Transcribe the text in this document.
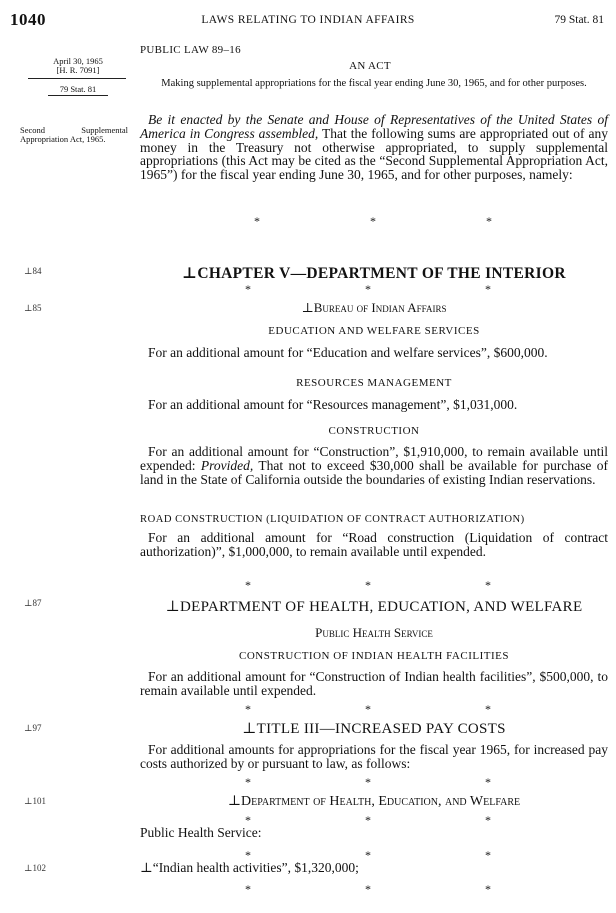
1040	LAWS RELATING TO INDIAN AFFAIRS	79 Stat. 81
April 30, 1965
[H. R. 7091]
79 Stat. 81
Second Supplemental Appropriation Act, 1965.
PUBLIC LAW 89–16
AN ACT
Making supplemental appropriations for the fiscal year ending June 30, 1965, and for other purposes.
Be it enacted by the Senate and House of Representatives of the United States of America in Congress assembled, That the following sums are appropriated out of any money in the Treasury not otherwise appropriated, to supply supplemental appropriations (this Act may be cited as the “Second Supplemental Appropriation Act, 1965”) for the fiscal year ending June 30, 1965, and for other purposes, namely:
*	*	*
⊥84
⊥85
⊥87
⊥97
⊥101
⊥102
⊥CHAPTER V—DEPARTMENT OF THE INTERIOR
*	*	*
⊥Bureau of Indian Affairs
EDUCATION AND WELFARE SERVICES
For an additional amount for “Education and welfare services”, $600,000.
RESOURCES MANAGEMENT
For an additional amount for “Resources management”, $1,031,000.
CONSTRUCTION
For an additional amount for “Construction”, $1,910,000, to remain available until expended: Provided, That not to exceed $30,000 shall be available for purchase of land in the State of California outside the boundaries of existing Indian reservations.
ROAD CONSTRUCTION (LIQUIDATION OF CONTRACT AUTHORIZATION)
For an additional amount for “Road construction (Liquidation of contract authorization)”, $1,000,000, to remain available until expended.
*	*	*
⊥DEPARTMENT OF HEALTH, EDUCATION, AND WELFARE
Public Health Service
CONSTRUCTION OF INDIAN HEALTH FACILITIES
For an additional amount for “Construction of Indian health facilities”, $500,000, to remain available until expended.
*	*	*
⊥TITLE III—INCREASED PAY COSTS
For additional amounts for appropriations for the fiscal year 1965, for increased pay costs authorized by or pursuant to law, as follows:
*	*	*
⊥Department of Health, Education, and Welfare
*	*	*
Public Health Service:
*	*	*
⊥“Indian health activities”, $1,320,000;
*	*	*
